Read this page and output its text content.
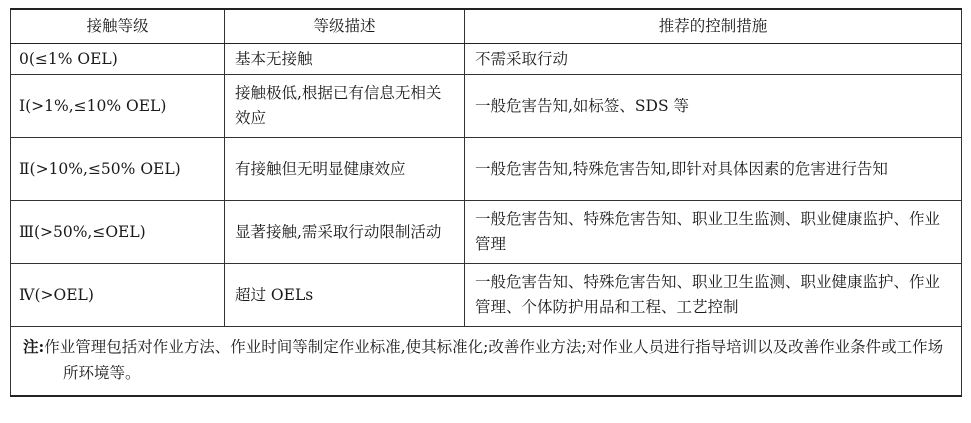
接触等级	等级描述	推荐的控制措施
0(≤1% OEL)	基本无接触	不需采取行动
Ⅰ(>1%,≤10% OEL)	接触极低,根据已有信息无相关效应	一般危害告知,如标签、SDS 等
Ⅱ(>10%,≤50% OEL)	有接触但无明显健康效应	一般危害告知,特殊危害告知,即针对具体因素的危害进行告知
Ⅲ(>50%,≤OEL)	显著接触,需采取行动限制活动	一般危害告知、特殊危害告知、职业卫生监测、职业健康监护、作业管理
Ⅳ(>OEL)	超过 OELs	一般危害告知、特殊危害告知、职业卫生监测、职业健康监护、作业管理、个体防护用品和工程、工艺控制

注:作业管理包括对作业方法、作业时间等制定作业标准,使其标准化;改善作业方法;对作业人员进行指导培训以及改善作业条件或工作场所环境等。		
